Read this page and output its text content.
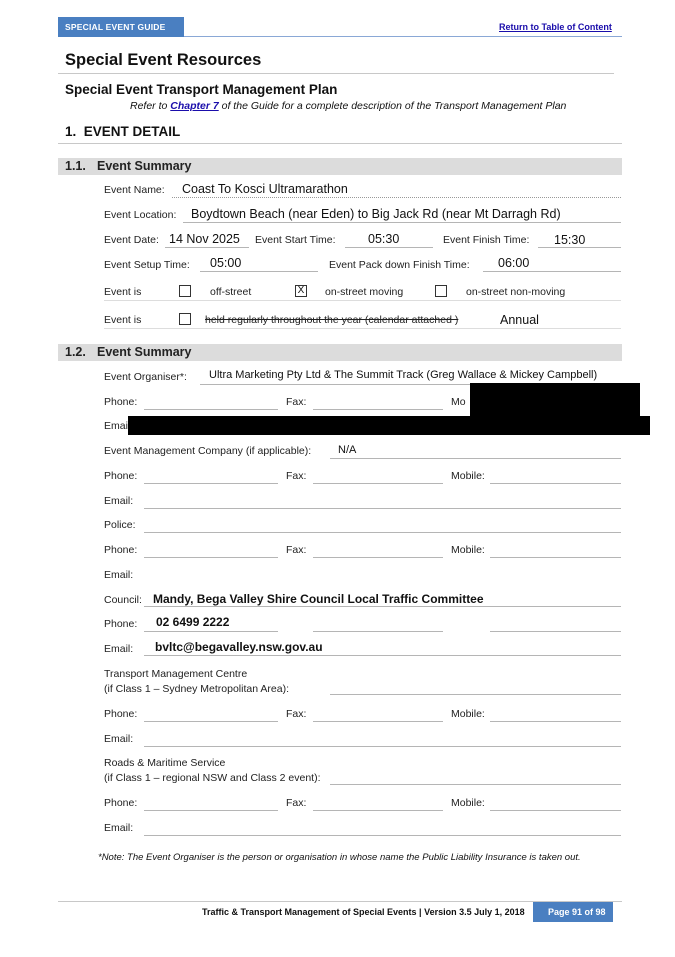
SPECIAL EVENT GUIDE	Return to Table of Content
Special Event Resources
Special Event Transport Management Plan
Refer to Chapter 7 of the Guide for a complete description of the Transport Management Plan
1. EVENT DETAIL
1.1. Event Summary
Event Name: Coast To Kosci Ultramarathon
Event Location: Boydtown Beach (near Eden) to Big Jack Rd (near Mt Darragh Rd)
Event Date: 14 Nov 2025 Event Start Time:	05:30	Event Finish Time: 15:30
Event Setup Time: 05:00	Event Pack down Finish Time: 06:00
Event is	off-street	X on-street moving	on-street non-moving
Event is	held regularly throughout the year (calendar attached )	Annual
1.2. Event Summary
Event Organiser*: Ultra Marketing Pty Ltd & The Summit Track (Greg Wallace & Mickey Campbell)
Phone:	Fax:	Mo
Emai
Event Management Company (if applicable): N/A
Phone:	Fax:	Mobile:
Email:
Police:
Phone:	Fax:	Mobile:
Email:
Council: Mandy, Bega Valley Shire Council Local Traffic Committee
Phone: 02 6499 2222
Email: bvltc@begavalley.nsw.gov.au
Transport Management Centre
(if Class 1 – Sydney Metropolitan Area):
Phone:	Fax:	Mobile:
Email:
Roads & Maritime Service
(if Class 1 – regional NSW and Class 2 event):
Phone:	Fax:	Mobile:
Email:
*Note: The Event Organiser is the person or organisation in whose name the Public Liability Insurance is taken out.
Traffic & Transport Management of Special Events | Version 3.5 July 1, 2018	Page 91 of 98
